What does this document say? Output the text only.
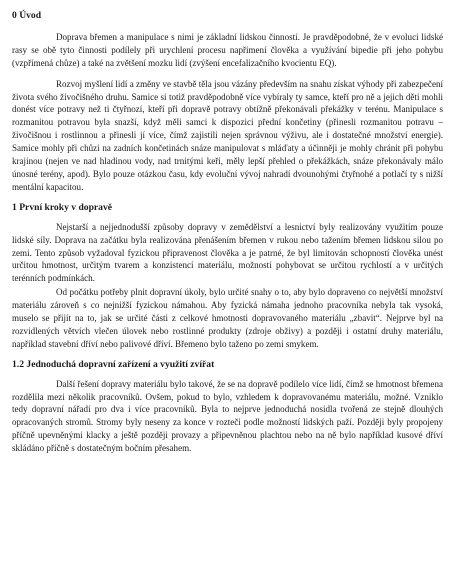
0 Úvod

Doprava břemen a manipulace s nimi je základní lidskou činností. Je pravděpodobné, že v evoluci lidské rasy se obě tyto činnosti podílely při urychlení procesu napřímení člověka a využívání bipedie při jeho pohybu (vzpřímená chůze) a také na zvětšení mozku lidí (zvýšení encefalizačního kvocientu EQ).

Rozvoj myšlení lidí a změny ve stavbě těla jsou vázány především na snahu získat výhody při zabezpečení života svého živočišného druhu. Samice si totiž pravděpodobně více vybíraly ty samce, kteří pro ně a jejich děti mohli donést více potravy než ti čtyřnozí, kteří při dopravě potravy obtížně překonávali překážky v terénu. Manipulace s rozmanitou potravou byla snazší, když měli samci k dispozici přední končetiny (přinesli rozmanitou potravu – živočišnou i rostlinnou a přinesli jí více, čímž zajistili nejen správnou výživu, ale i dostatečné množství energie). Samice mohly při chůzi na zadních končetinách snáze manipulovat s mláďaty a účinněji je mohly chránit při pohybu krajinou (nejen ve nad hladinou vody, nad trnitými keři, měly lepší přehled o překážkách, snáze překonávaly málo únosné terény, apod). Bylo pouze otázkou času, kdy evoluční vývoj nahradí dvounohými čtyřnohé a potlačí ty s nižší mentální kapacitou.

1 První kroky v dopravě

Nejstarší a nejjednodušší způsoby dopravy v zemědělství a lesnictví byly realizovány využitím pouze lidské síly. Doprava na začátku byla realizována přenášením břemen v rukou nebo tažením břemen lidskou silou po zemi. Tento způsob vyžadoval fyzickou připravenost člověka a je patrné, že byl limitován schopností člověka unést určitou hmotnost, určitým tvarem a konzistencí materiálu, možností pohybovat se určitou rychlostí a v určitých terénních podmínkách.

Od počátku potřeby plnit dopravní úkoly, bylo určité snahy o to, aby bylo dopraveno co největší množství materiálu zároveň s co nejnižší fyzickou námahou. Aby fyzická námaha jednoho pracovníka nebyla tak vysoká, muselo se přijít na to, jak se určité části z celkové hmotnosti dopravovaného materiálu „zbavit“. Nejprve byl na rozvidlených větvích vlečen úlovek nebo rostlinné produkty (zdroje obživy) a později i ostatní druhy materiálu, například stavební dříví nebo palivové dříví. Břemeno bylo taženo po zemi smykem.

1.2 Jednoduchá dopravní zařízení a využití zvířat

Další řešení dopravy materiálu bylo takové, že se na dopravě podílelo více lidí, čímž se hmotnost břemena rozdělila mezi několik pracovníků. Ovšem, pokud to bylo, vzhledem k dopravovanému materiálu, možné. Vzniklo tedy dopravní nářadí pro dva i více pracovníků. Byla to nejprve jednoduchá nosidla tvořená ze stejně dlouhých opracovaných stromů. Stromy byly neseny za konce v rozteči podle možností lidských paží. Později byly propojeny příčně upevněnými klacky a ještě později provazy a připevněnou plachtou nebo na ně bylo například kusové dříví skládáno příčně s dostatečným bočním přesahem.
